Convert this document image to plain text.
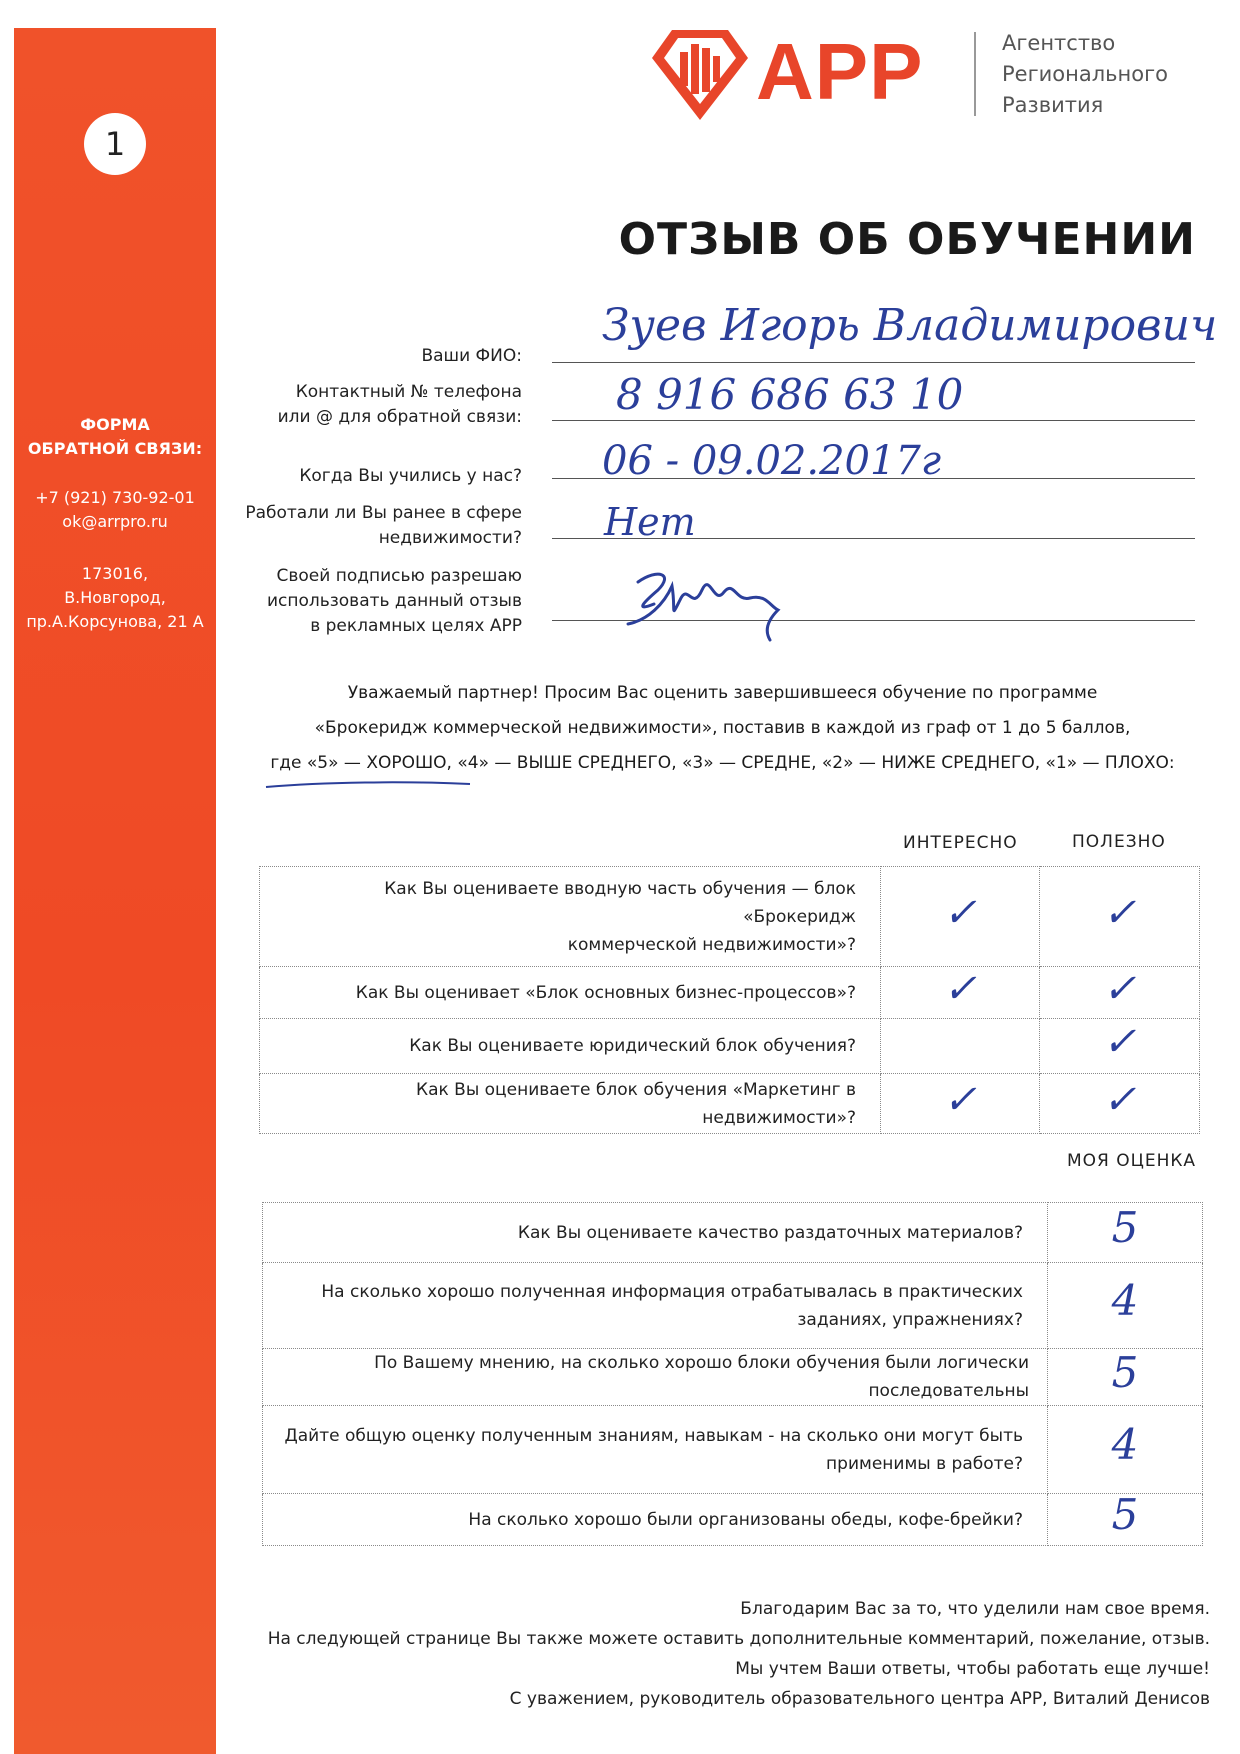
1
ФОРМА
ОБРАТНОЙ СВЯЗИ:
+7 (921) 730-92-01
ok@arrpro.ru
173016,
В.Новгород,
пр.А.Корсунова, 21 А
АРР	Агентство
Регионального
Развития
ОТЗЫВ ОБ ОБУЧЕНИИ
Ваши ФИО:
Зуев Игорь Владимирович
Контактный № телефона
или @ для обратной связи: 8 916 686 63 10
Когда Вы учились у нас? 06 - 09.02.2017г
Работали ли Вы ранее в сфере
недвижимости? Нет
Своей подписью разрешаю
использовать данный отзыв
в рекламных целях АРР
Уважаемый партнер! Просим Вас оценить завершившееся обучение по программе
«Брокеридж коммерческой недвижимости», поставив в каждой из граф от 1 до 5 баллов,
где «5» — ХОРОШО, «4» — ВЫШЕ СРЕДНЕГО, «3» — СРЕДНЕ, «2» — НИЖЕ СРЕДНЕГО, «1» — ПЛОХО:
ИНТЕРЕСНО	ПОЛЕЗНО
Как Вы оцениваете вводную часть обучения — блок «Брокеридж
коммерческой недвижимости»?	✓	✓

Как Вы оценивает «Блок основных бизнес-процессов»?	✓	✓

Как Вы оцениваете юридический блок обучения?		✓

Как Вы оцениваете блок обучения «Маркетинг в недвижимости»?	✓	✓
МОЯ ОЦЕНКА
Как Вы оцениваете качество раздаточных материалов?	5

На сколько хорошо полученная информация отрабатывалась в практических
заданиях, упражнениях?	4

По Вашему мнению, на сколько хорошо блоки обучения были логически последовательны	5

Дайте общую оценку полученным знаниям, навыкам - на сколько они могут быть
применимы в работе?	4

На сколько хорошо были организованы обеды, кофе-брейки?	5
Благодарим Вас за то, что уделили нам свое время.
На следующей странице Вы также можете оставить дополнительные комментарий, пожелание, отзыв.
Мы учтем Ваши ответы, чтобы работать еще лучше!
С уважением, руководитель образовательного центра АРР, Виталий Денисов
